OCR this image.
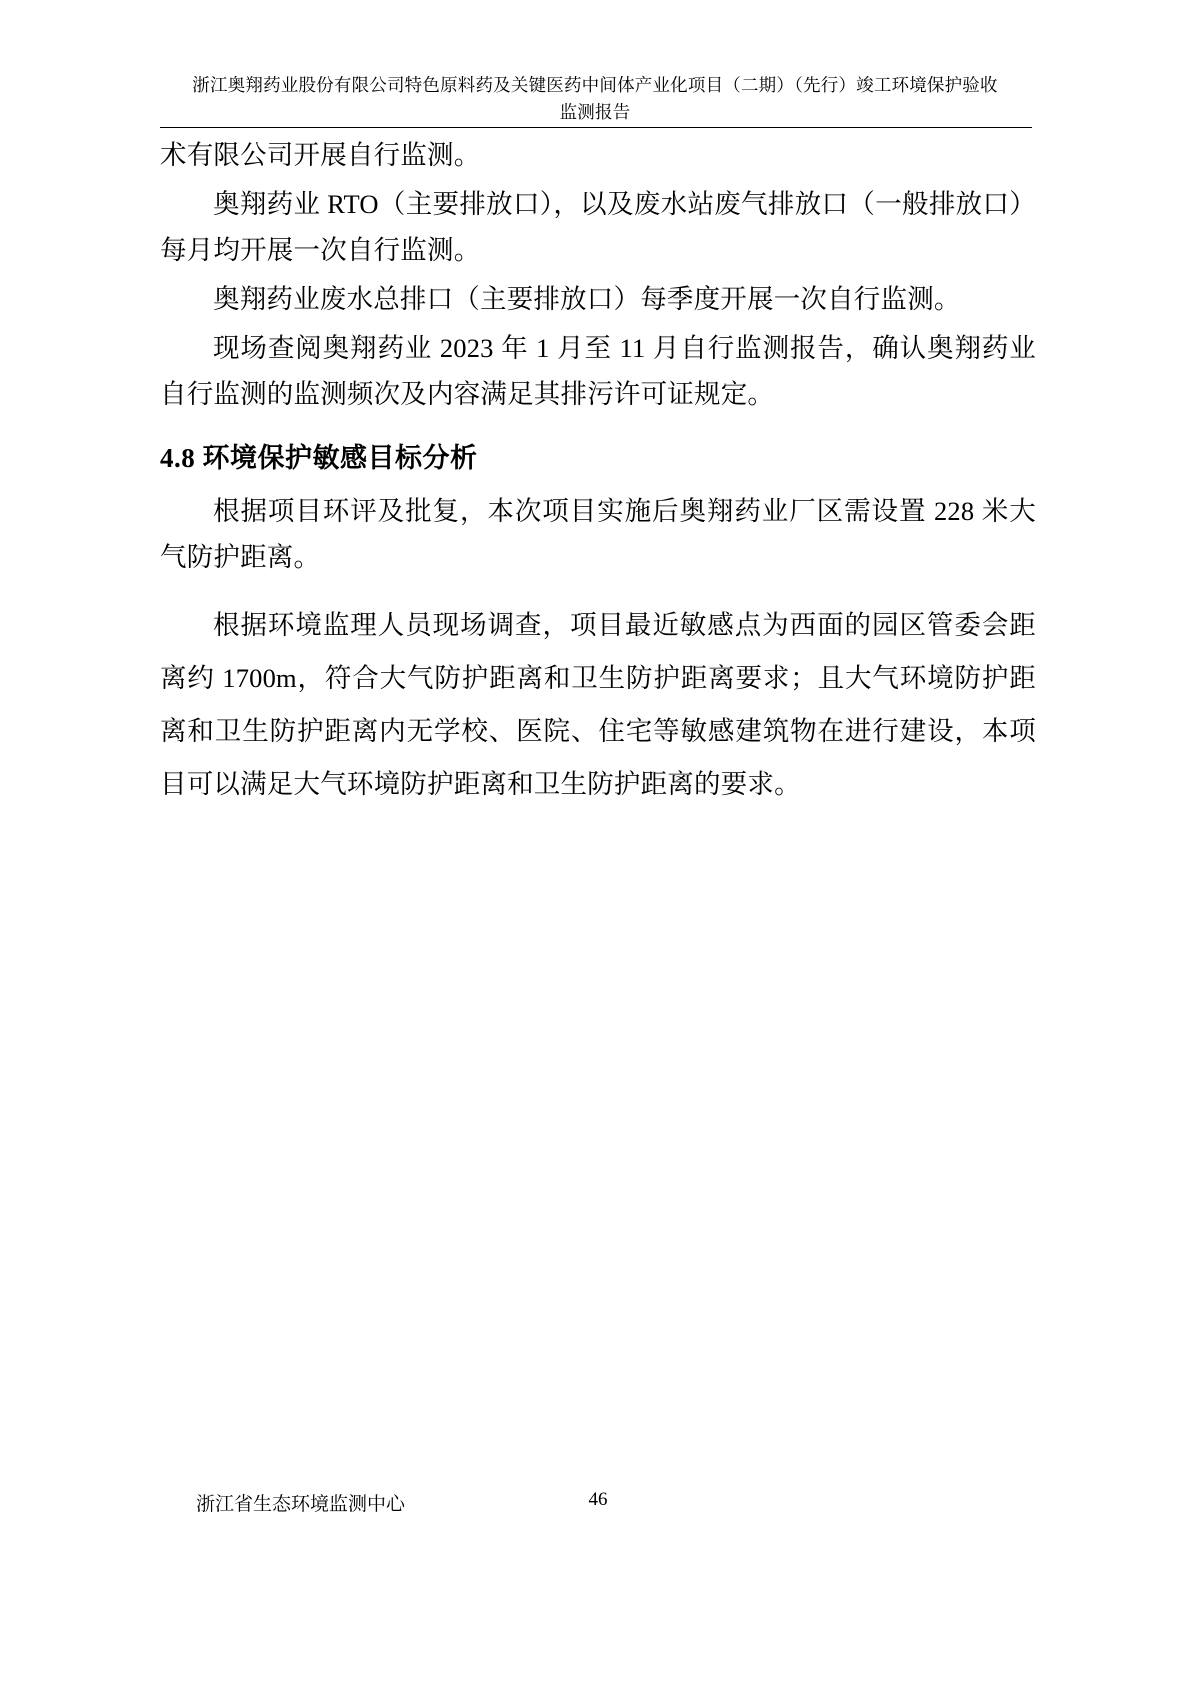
浙江奥翔药业股份有限公司特色原料药及关键医药中间体产业化项目（二期）（先行）竣工环境保护验收
监测报告

术有限公司开展自行监测。

奥翔药业 RTO（主要排放口），以及废水站废气排放口（一般排放口）每月均开展一次自行监测。

奥翔药业废水总排口（主要排放口）每季度开展一次自行监测。

现场查阅奥翔药业 2023 年 1 月至 11 月自行监测报告，确认奥翔药业自行监测的监测频次及内容满足其排污许可证规定。

4.8 环境保护敏感目标分析

根据项目环评及批复，本次项目实施后奥翔药业厂区需设置 228 米大气防护距离。

根据环境监理人员现场调查，项目最近敏感点为西面的园区管委会距离约 1700m，符合大气防护距离和卫生防护距离要求；且大气环境防护距离和卫生防护距离内无学校、医院、住宅等敏感建筑物在进行建设，本项目可以满足大气环境防护距离和卫生防护距离的要求。

浙江省生态环境监测中心	46
